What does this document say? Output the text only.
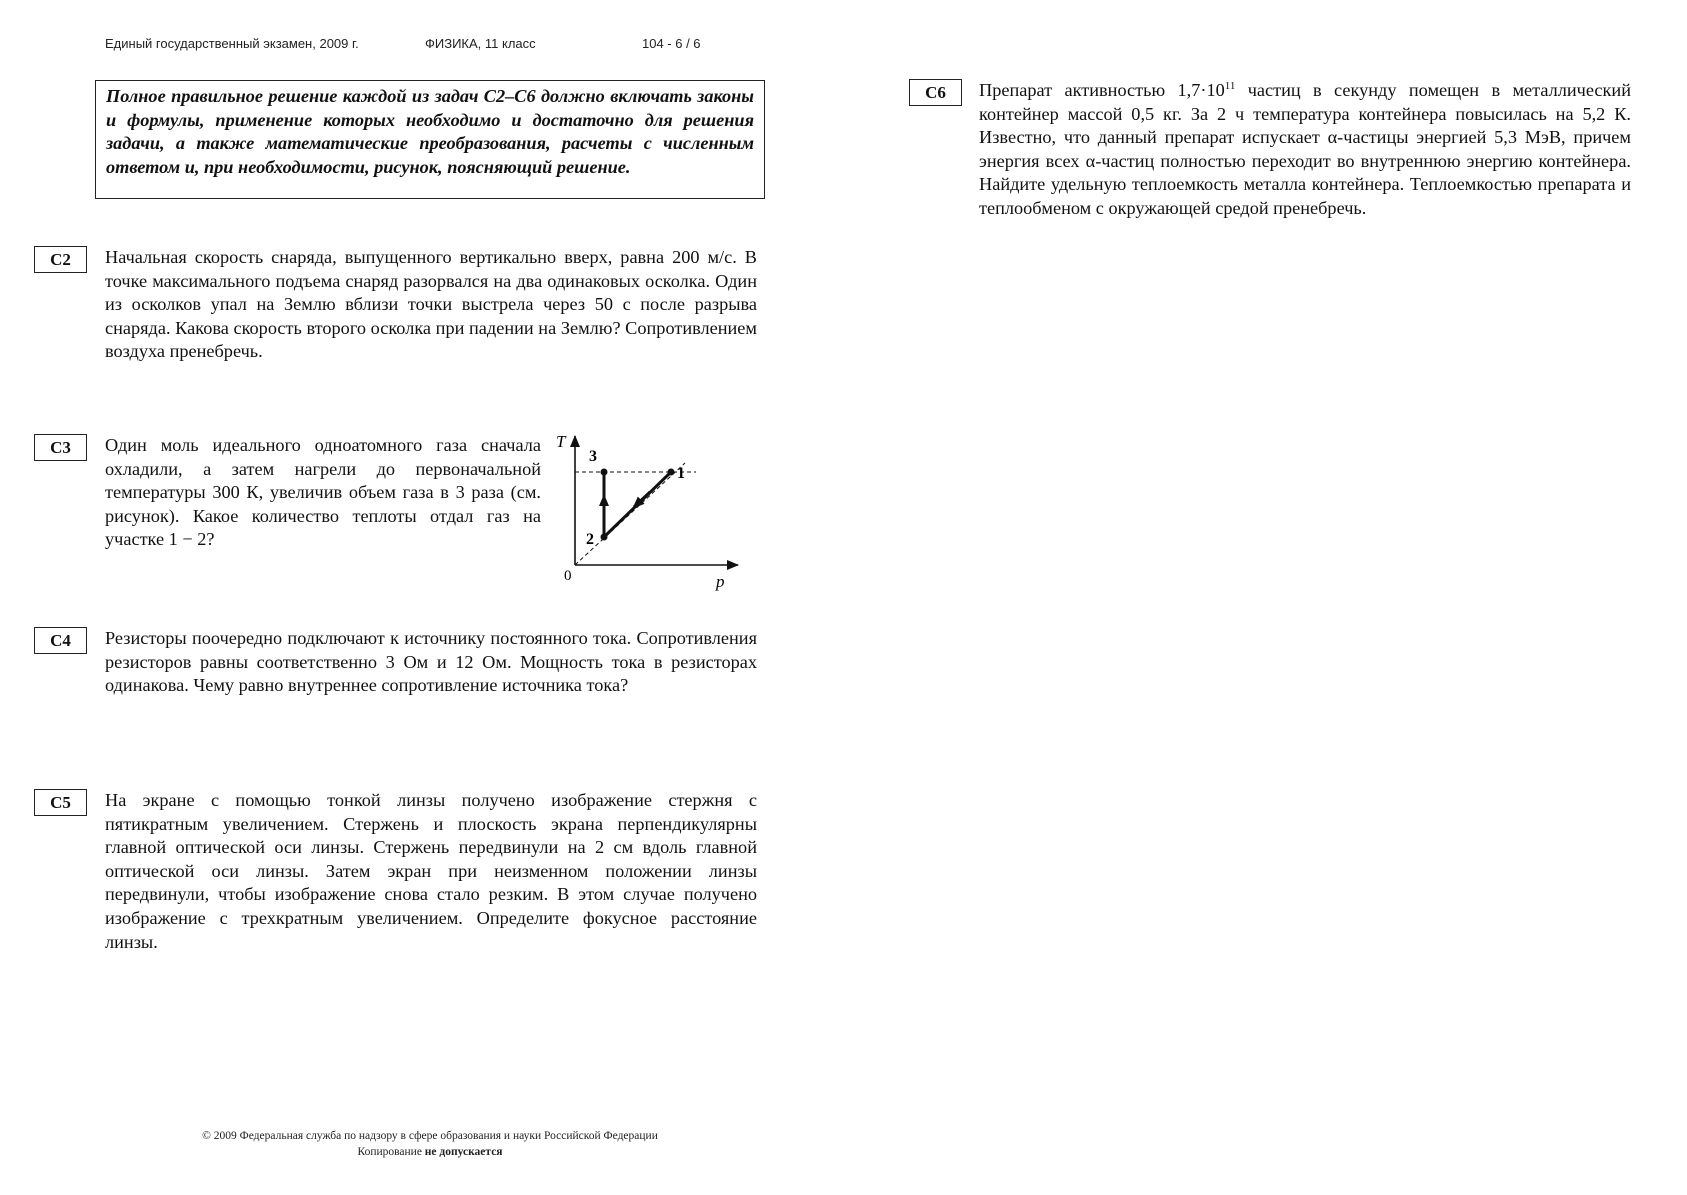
Единый государственный экзамен, 2009 г.	ФИЗИКА, 11 класс	104 - 6 / 6
Полное правильное решение каждой из задач С2–С6 должно включать законы и формулы, применение которых необходимо и достаточно для решения задачи, а также математические преобразования, расчеты с численным ответом и, при необходимости, рисунок, поясняющий решение.
С2	Начальная скорость снаряда, выпущенного вертикально вверх, равна 200 м/с. В точке максимального подъема снаряд разорвался на два одинаковых осколка. Один из осколков упал на Землю вблизи точки выстрела через 50 с после разрыва снаряда. Какова скорость второго осколка при падении на Землю? Сопротивлением воздуха пренебречь.
С3	Один моль идеального одноатомного газа сначала охладили, а затем нагрели до первоначальной температуры 300 К, увеличив объем газа в 3 раза (см. рисунок). Какое количество теплоты отдал газ на участке 1 − 2?
T
p
0
1
2
3
С4	Резисторы поочередно подключают к источнику постоянного тока. Сопротивления резисторов равны соответственно 3 Ом и 12 Ом. Мощность тока в резисторах одинакова. Чему равно внутреннее сопротивление источника тока?
С5	На экране с помощью тонкой линзы получено изображение стержня с пятикратным увеличением. Стержень и плоскость экрана перпендикулярны главной оптической оси линзы. Стержень передвинули на 2 см вдоль главной оптической оси линзы. Затем экран при неизменном положении линзы передвинули, чтобы изображение снова стало резким. В этом случае получено изображение с трехкратным увеличением. Определите фокусное расстояние линзы.
С6	Препарат активностью $1,7\cdot 10^{11}$ частиц в секунду помещен в металлический контейнер массой 0,5 кг. За 2 ч температура контейнера повысилась на 5,2 К. Известно, что данный препарат испускает α-частицы энергией 5,3 МэВ, причем энергия всех α-частиц полностью переходит во внутреннюю энергию контейнера. Найдите удельную теплоемкость металла контейнера. Теплоемкостью препарата и теплообменом с окружающей средой пренебречь.
© 2009 Федеральная служба по надзору в сфере образования и науки Российской Федерации
Копирование не допускается
